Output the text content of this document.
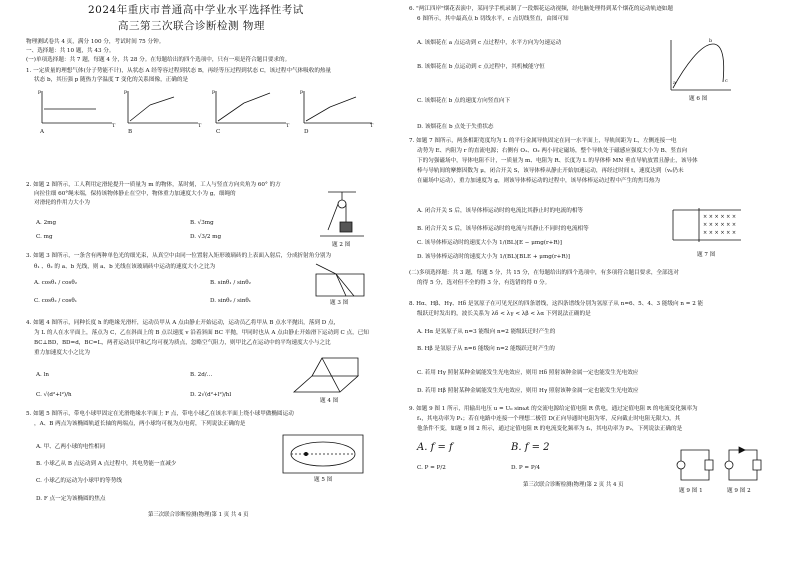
2024年重庆市普通高中学业水平选择性考试
高三第三次联合诊断检测 物理
物理测试卷共 4 页，满分 100 分，考试时间 75 分钟。
一、选择题：共 10 题，共 43 分。
(一)单项选择题：共 7 题，每题 4 分，共 28 分。在每题给出的四个选项中，只有一项是符合题目要求的。
1. 一定质量的理想气体(分子势能不计)，从状态 A 经等容过程到状态 B，再经等压过程到状态 C，该过程中气体吸收的热量
状态 b，其压强 p 随热力学温度 T 变化的关系图像，正确的是
p
T
p
T
p
T
p
T
A	B	C	D
2. 如题 2 图所示，工人利用定滑轮提升一质量为 m 的物体，某时刻，工人与竖直方向夹角为 60° 的方
向拉住细 60°绳末端，保持该物体静止在空中，物体重力加速度大小为 g，细绳的
对滑轮的作用力大小为
A. 2mg	B. √3mg
C. mg	D. √3/2 mg
题 2 图
3. 如题 3 图所示，一条含有两种单色光的细光束，从真空中由同一位置射入矩形玻璃砖的上表面入射后，分成折射角分别为
θ₁ 、θ₂ 的 a、b 光线，则 a、b 光线在该玻璃砖中运动的速度大小之比为
A. cosθ₁ / cosθ₂	B. sinθ₁ / sinθ₂
C. cosθ₂ / cosθ₁	D. sinθ₂ / sinθ₁	题 3 图
4. 如题 4 图所示，同种长度 h 的绝缘光滑杆，运动员甲从 A 点由静止开始运动，运动员乙将甲从 B 点水平抛出，落到 D 点，
为 L 的人在水平面上，落点为 C，乙在斜面上的 B 点以速度 v 沿着斜面 BC 平抛，甲同时也从 A 点由静止开始滑下运动到 C 点，已知
BC⊥BD，BD=d，BC=L，两者运动员甲和乙均可视为质点，忽略空气阻力，则甲比乙在运动中的平均速度大小与之比
重力加速度大小之比为
A. ln	B. 2d/…
C. √(d²+l²)/h	D. 2√(d²+l²)/hl
题 4 图
5. 如题 5 图所示，带电小球甲固定在光滑绝缘水平面上 F 点，带电小球乙在该水平面上绕小球甲做椭圆运动
，A、B 两点为该椭圆轨道长轴的两端点，两小球均可视为点电荷，下列说法正确的是
A. 甲、乙两小球的电性相同
B. 小球乙从 B 点运动到 A 点过程中，其电势能一直减少
C. 小球乙的运动为小球甲的等势线
D. F 点一定为该椭圆的焦点
题 5 图
第三次联合诊断检测(物理)第 1 页 共 4 页
6. "两江四岸"烟花表演中，某同学手机录制了一段烟花运动视频，经电脑处理得到某个烟花的运动轨迹如题
6 图所示，其中最高点 b 切线水平，c 点切线竖直，由图可知
A. 该烟花在 a 点运动到 c 点过程中，水平方向为匀速运动
B. 该烟花在 b 点运动到 c 点过程中，其机械能守恒
C. 该烟花在 b 点的速度方向竖直向下
D. 该烟花在 b 点处于失重状态
a
b
c
题 6 图
7. 如题 7 图所示，两条相距宽度均为 L 的平行金属导轨固定在同一水平面上，导轨间距为 L，左侧连接一电
动势为 E、内阻为 r 的直流电源；右侧有 O₁、O₂ 两小同定磁场，整个导轨处于磁感应强度大小为 B、竖直向
下的匀强磁场中，导体电阻不计，一质量为 m、电阻为 R、长度为 L 的导体棒 MN 垂直导轨放置且静止，该导体
棒与导轨间的摩擦因数为 μ，闭合开关 S，该导体棒从静止开始加速运动，再经过时间 t，速度达到（v₀仍未
在磁场中运动），重力加速度为 g，则该导体棒运动的过程中，该导体棒运动过程中产生的焦耳热为
A. 闭合开关 S 后，该导体棒运动时的电流比其静止时的电流的相等
B. 闭合开关 S 后，该导体棒运动时的电流与其静止不同时的电流相等
C. 该导体棒运动时的速度大小为 1/(BL)[E − μmg(r+R)]
D. 该导体棒运动时的速度大小为 1/(BL)[BLE + μmg(r+R)]
× × × × × ×
× × × × × ×
× × × × × ×
题 7 图
(二)多项选择题：共 3 题，每题 5 分，共 15 分，在每题给出的四个选项中，有多项符合题目要求，全部选对
的得 5 分，选对但不全的得 3 分，有选错的得 0 分。
8. Hα、Hβ、Hγ、Hδ 是氢原子在可见光区的四条谱线，这四条谱线分别为氢原子从 n=6、5、4、3 能级向 n = 2 能
级跃迁时发出的，波长关系为 λδ < λγ < λβ < λα 下列说法正确的是
A. Hα 是氢原子从 n=3 能级向 n=2 能级跃迁时产生的
B. Hβ 是氢原子从 n=6 能级向 n=2 能级跃迁时产生的
C. 若用 Hγ 照射某种金属能发生光电效应，则用 Hδ 照射该种金属一定也能发生光电效应
D. 若用 Hβ 照射某种金属能发生光电效应，则用 Hγ 照射该种金属一定也能发生光电效应
9. 如题 9 图 1 所示，用输出电压 u = U₀ sinωt 的交流电源给定值电阻 R 供电，通过定值电阻 R 的电流变化频率为
f₁，其电功率为 P₁；若在电路中连接一个理想二极管 D(正向导通时电阻为零，反向截止时电阻无限大)，其
他条件不变，如题 9 图 2 所示，通过定值电阻 R 的电流变化频率为 f₂，其电功率为 P₂，下列说法正确的是
A. f = f	B. f = 2
C. P = P/2	D. P = P/4
题 9 图 1	题 9 图 2
第三次联合诊断检测(物理)第 2 页 共 4 页
